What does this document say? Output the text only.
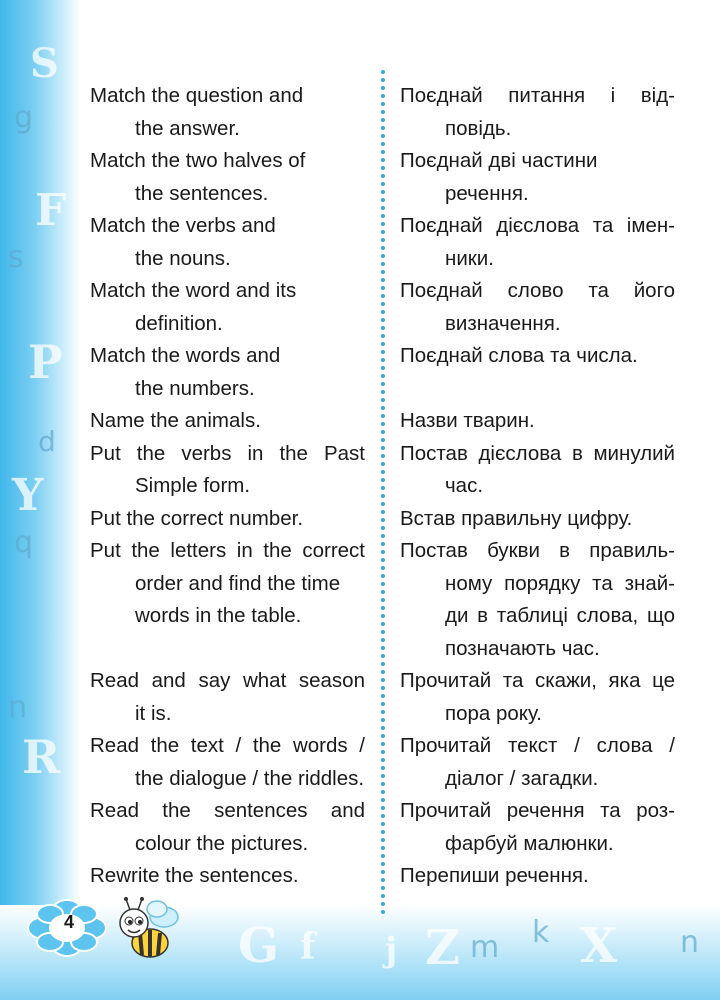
S
g
F
s
P
d
Y
q
n
R
G f j Z m k X n
Match the question and
the answer.
Match the two halves of
the sentences.
Match the verbs and
the nouns.
Match the word and its
definition.
Match the words and
the numbers.
Name the animals.
Put the verbs in the Past
Simple form.
Put the correct number.
Put the letters in the correct
order and find the time
words in the table.
Read and say what season
it is.
Read the text / the words /
the dialogue / the riddles.
Read the sentences and
colour the pictures.
Rewrite the sentences.
Поєднай питання і від-
повідь.
Поєднай дві частини
речення.
Поєднай дієслова та імен-
ники.
Поєднай слово та його
визначення.
Поєднай слова та числа.
Назви тварин.
Постав дієслова в минулий
час.
Встав правильну цифру.
Постав букви в правиль-
ному порядку та знай-
ди в таблиці слова, що
позначають час.
Прочитай та скажи, яка це
пора року.
Прочитай текст / слова /
діалог / загадки.
Прочитай речення та роз-
фарбуй малюнки.
Перепиши речення.
4
